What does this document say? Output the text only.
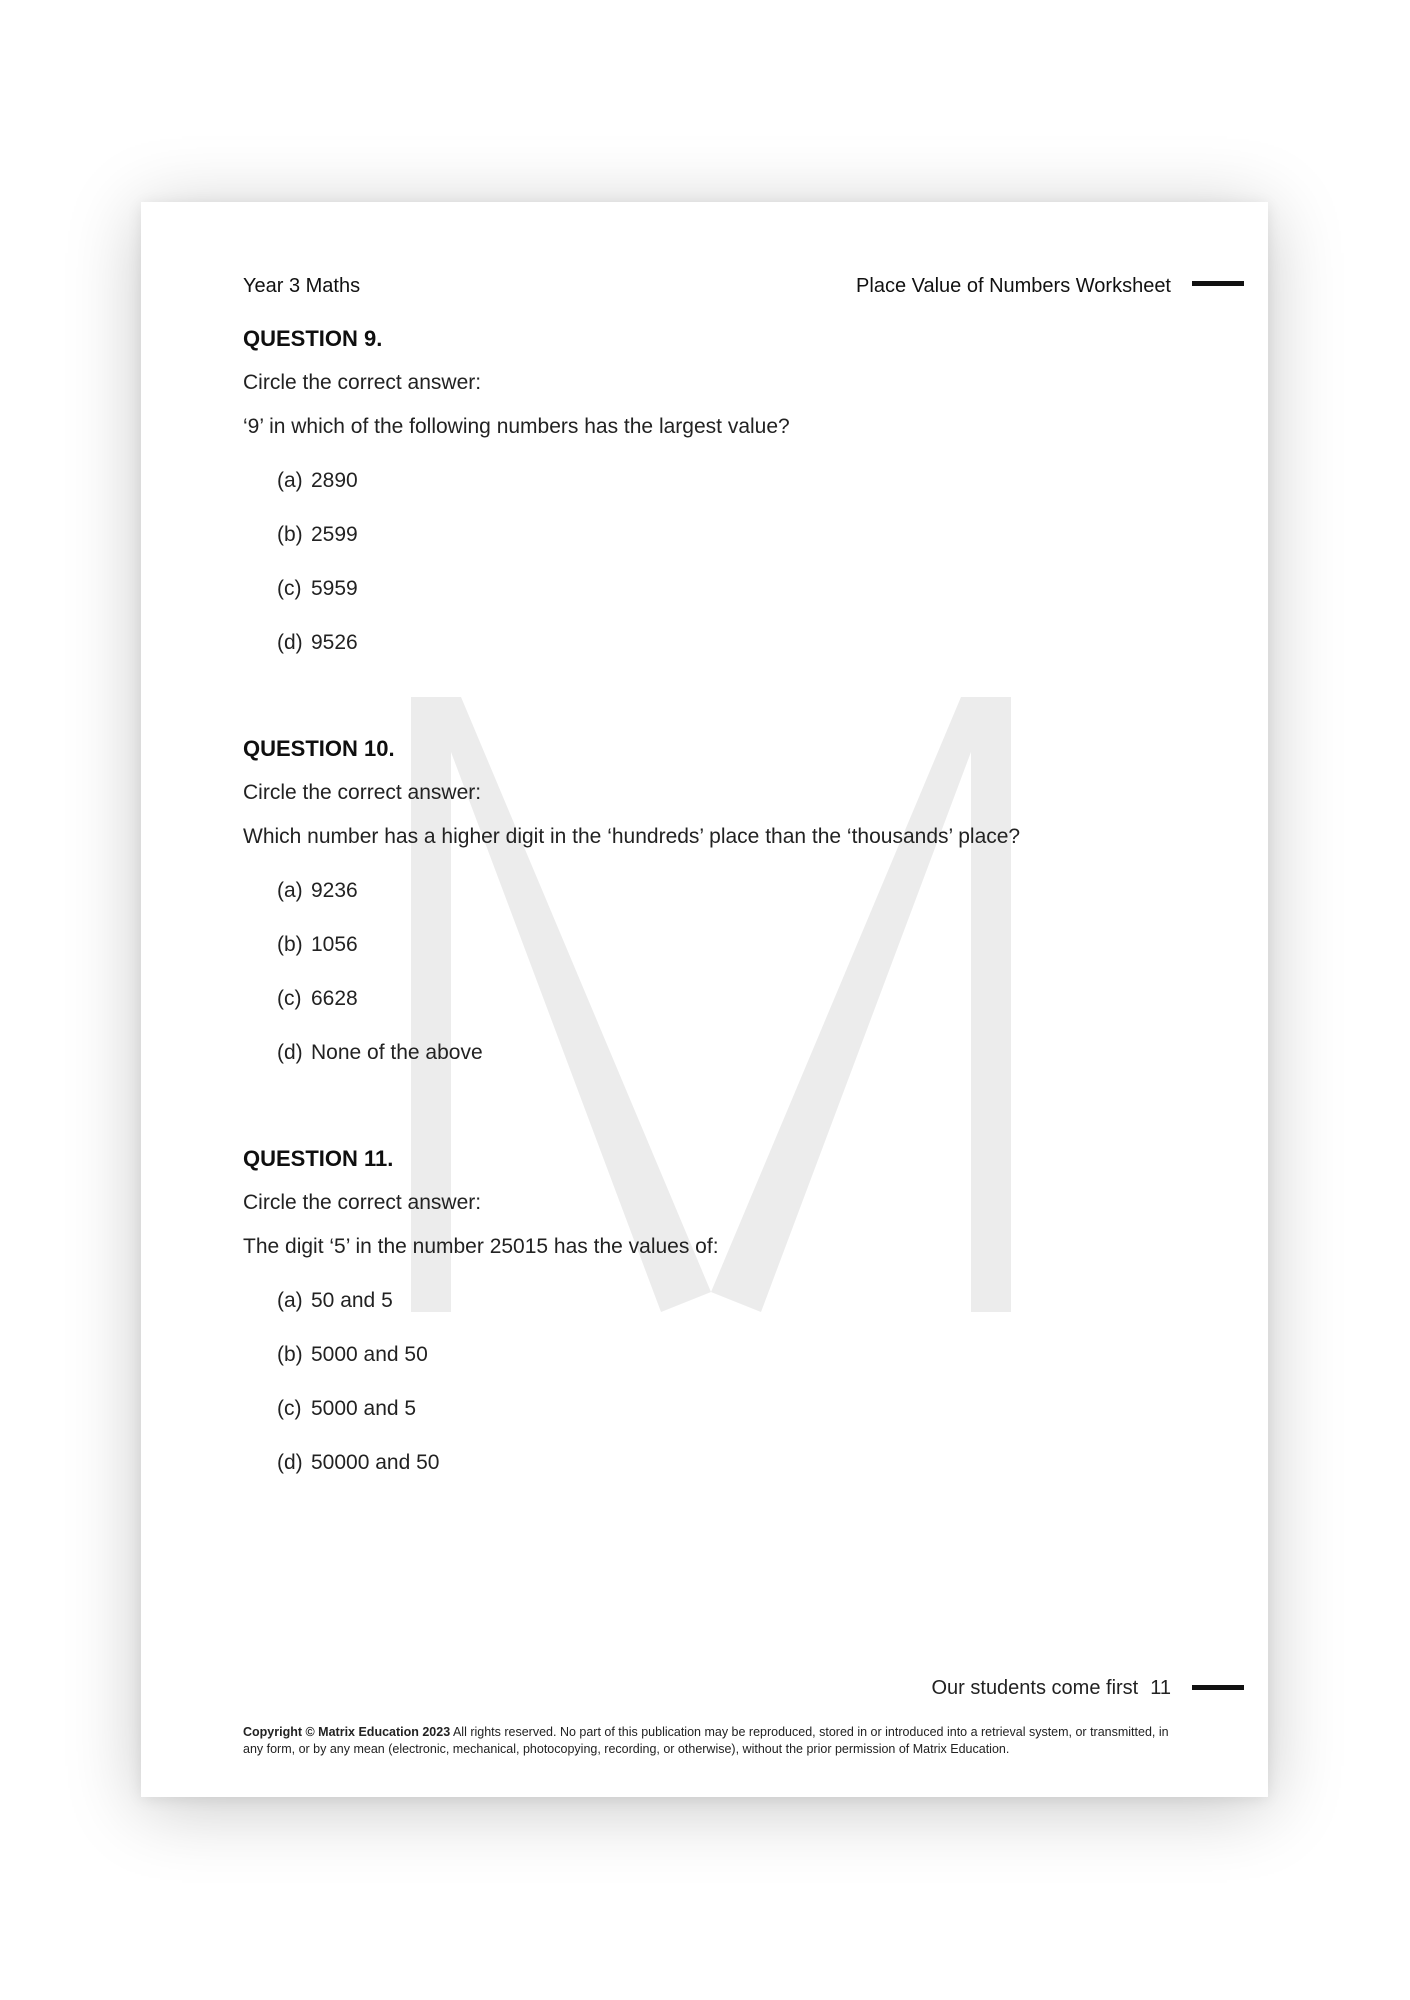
Year 3 Maths	Place Value of Numbers Worksheet
QUESTION 9.
Circle the correct answer:
‘9’ in which of the following numbers has the largest value?
(a) 2890
(b) 2599
(c) 5959
(d) 9526
QUESTION 10.
Circle the correct answer:
Which number has a higher digit in the ‘hundreds’ place than the ‘thousands’ place?
(a) 9236
(b) 1056
(c) 6628
(d) None of the above
QUESTION 11.
Circle the correct answer:
The digit ‘5’ in the number 25015 has the values of:
(a) 50 and 5
(b) 5000 and 50
(c) 5000 and 5
(d) 50000 and 50
Our students come first 11
Copyright © Matrix Education 2023 All rights reserved. No part of this publication may be reproduced, stored in or introduced into a retrieval system, or transmitted, in any form, or by any mean (electronic, mechanical, photocopying, recording, or otherwise), without the prior permission of Matrix Education.
